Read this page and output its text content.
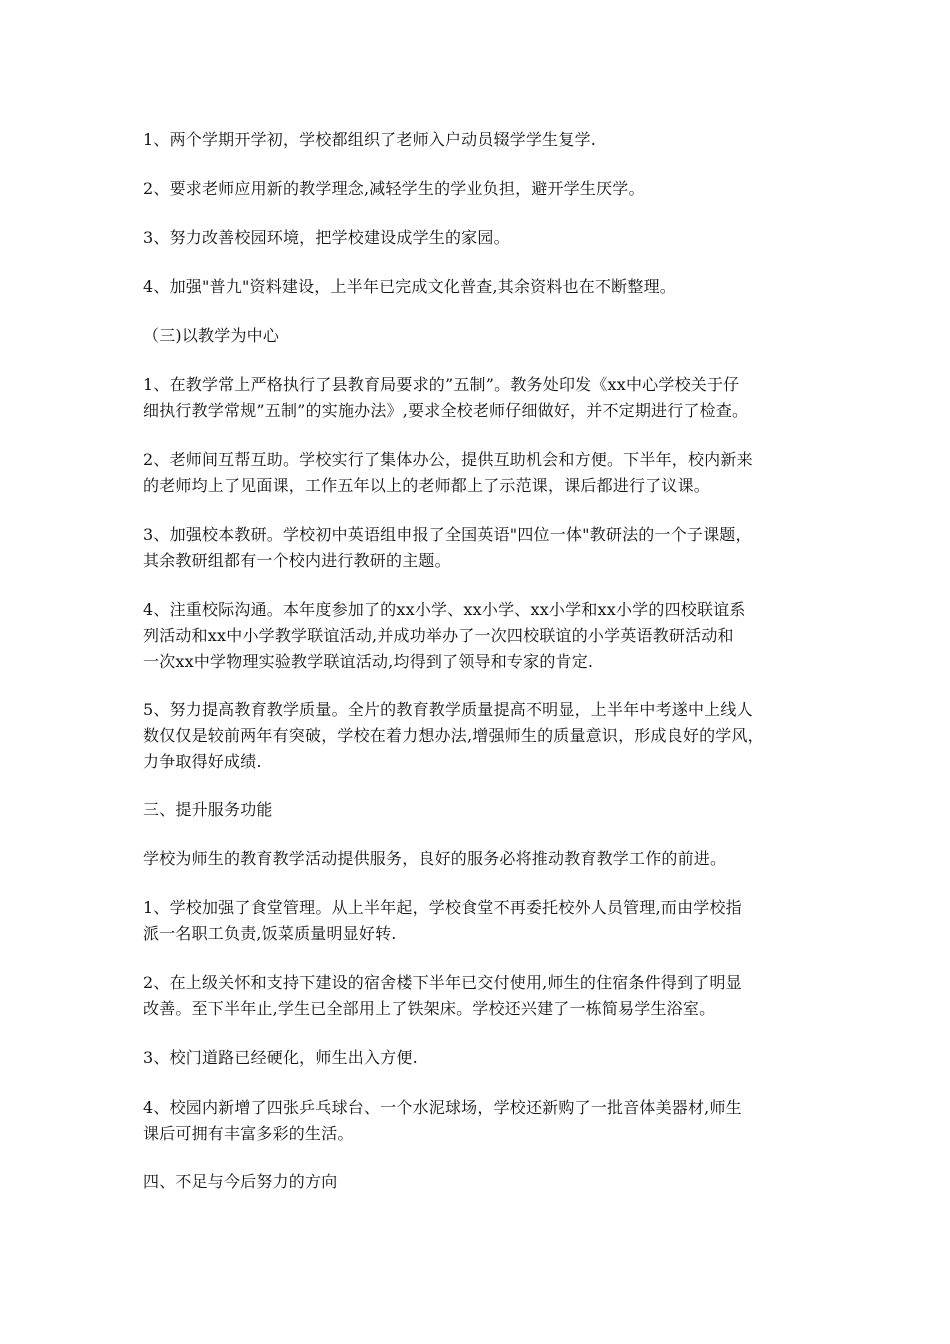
1、两个学期开学初，学校都组织了老师入户动员辍学学生复学.

2、要求老师应用新的教学理念,减轻学生的学业负担，避开学生厌学。

3、努力改善校园环境，把学校建设成学生的家园。

4、加强"普九"资料建设，上半年已完成文化普查,其余资料也在不断整理。

（三)以教学为中心

1、在教学常上严格执行了县教育局要求的”五制”。教务处印发《xx中心学校关于仔
细执行教学常规”五制”的实施办法》,要求全校老师仔细做好，并不定期进行了检查。

2、老师间互帮互助。学校实行了集体办公，提供互助机会和方便。下半年，校内新来
的老师均上了见面课，工作五年以上的老师都上了示范课，课后都进行了议课。

3、加强校本教研。学校初中英语组申报了全国英语"四位一体"教研法的一个子课题，
其余教研组都有一个校内进行教研的主题。

4、注重校际沟通。本年度参加了的xx小学、xx小学、xx小学和xx小学的四校联谊系
列活动和xx中小学教学联谊活动,并成功举办了一次四校联谊的小学英语教研活动和
一次xx中学物理实验教学联谊活动,均得到了领导和专家的肯定.

5、努力提高教育教学质量。全片的教育教学质量提高不明显，上半年中考遂中上线人
数仅仅是较前两年有突破，学校在着力想办法,增强师生的质量意识，形成良好的学风，
力争取得好成绩.

三、提升服务功能

学校为师生的教育教学活动提供服务，良好的服务必将推动教育教学工作的前进。

1、学校加强了食堂管理。从上半年起，学校食堂不再委托校外人员管理,而由学校指
派一名职工负责,饭菜质量明显好转.

2、在上级关怀和支持下建设的宿舍楼下半年已交付使用,师生的住宿条件得到了明显
改善。至下半年止,学生已全部用上了铁架床。学校还兴建了一栋简易学生浴室。

3、校门道路已经硬化，师生出入方便.

4、校园内新增了四张乒乓球台、一个水泥球场，学校还新购了一批音体美器材,师生
课后可拥有丰富多彩的生活。

四、不足与今后努力的方向
